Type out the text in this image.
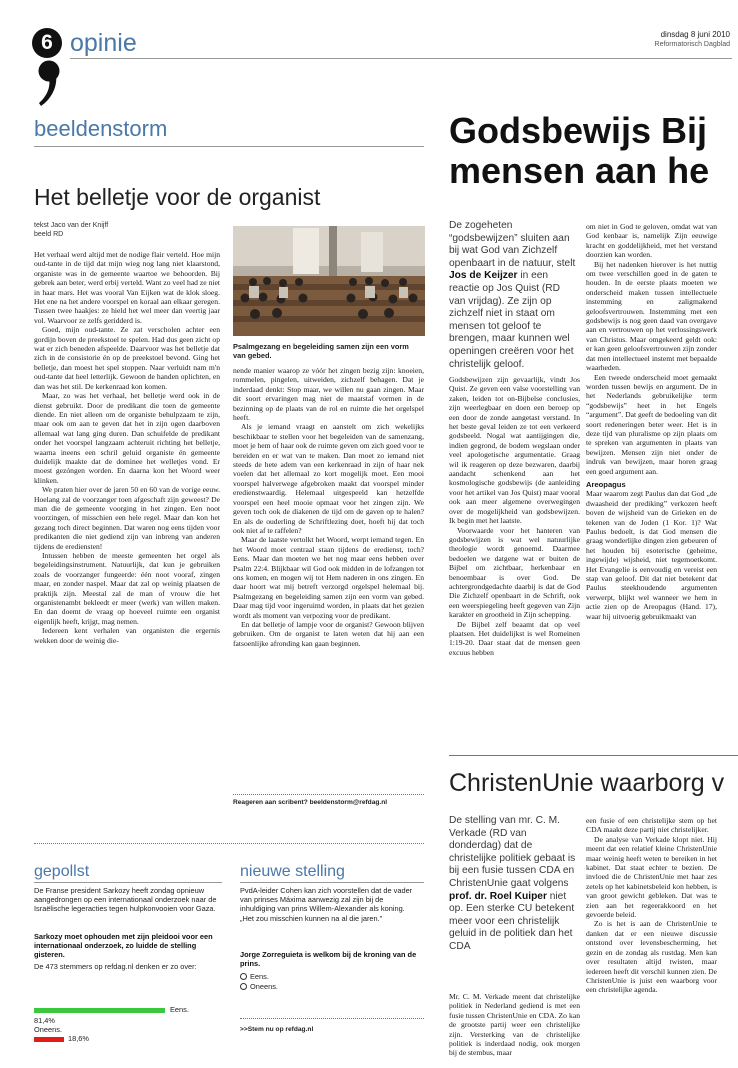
6 opinie	dinsdag 8 juni 2010
Reformatorisch Dagblad
beeldenstorm
Het belletje voor de organist
tekst Jaco van der Knijff
beeld RD

Het verhaal werd altijd met de nodige flair verteld. Hoe mijn oud-tante in de tijd dat mijn wieg nog lang niet klaarstond, organiste was in de gemeente waartoe we behoorden. Bij gebrek aan beter, werd erbij verteld. Want zo veel had ze niet in haar mars. Het was vooral Van Eijken wat de klok sloeg. Het ene na het andere voorspel en koraal aan elkaar geregen. Tussen twee haakjes: ze hield het wel meer dan veertig jaar vol. Waarvoor ze zelfs geridderd is.

Goed, mijn oud-tante. Ze zat verscholen achter een gordijn boven de preekstoel te spelen. Had dus geen zicht op wat er zich beneden afspeelde. Daarvoor was het belletje dat zich in de consistorie én op de preekstoel bevond. Ging het belletje, dan moest het spel stoppen. Naar verluidt nam m'n oud-tante dat heel letterlijk. Gewoon de handen oplichten, en dan was het stil. De kerkenraad kon komen.

Maar, zo was het verhaal, het belletje werd ook in de dienst gebruikt. Door de predikant die toen de gemeente diende. En niet alleen om de organiste behulpzaam te zijn, maar ook om aan te geven dat het in zijn ogen daarboven allemaal wat lang ging duren. Dan schuifelde de predikant onder het voorspel langzaam achteruit richting het belletje, waarna ineens een schril geluid organiste én gemeente duidelijk maakte dat de dominee het welletjes vond. Er moest gezóngen worden. En daarna kon het Woord weer klinken.

We praten hier over de jaren 50 en 60 van de vorige eeuw. Hoelang zal de voorzanger toen afgeschaft zijn geweest? De man die de gemeente voorging in het zingen. Een noot voorzingen, of misschien een hele regel. Maar dan kon het gezang toch direct beginnen. Dat waren nog eens tijden voor predikanten die niet gediend zijn van inbreng van anderen tijdens de erediensten!

Intussen hebben de meeste gemeenten het orgel als begeleidingsinstrument. Natuurlijk, dat kun je gebruiken zoals de voorzanger fungeerde: één noot vooraf, zingen maar, en zonder naspel. Maar dat zal op weinig plaatsen de praktijk zijn. Meestal zal de man of vrouw die het organistenambt bekleedt er meer (werk) van willen maken. En dan doemt de vraag op hoeveel ruimte een organist eigenlijk heeft, krijgt, mag nemen.

Iedereen kent verhalen van organisten die ergernis wekken door de weinig die-

Psalmgezang en begeleiding samen zijn een vorm van gebed.

nende manier waarop ze vóór het zingen bezig zijn: knoeien, rommelen, pingelen, uitweiden, zichzelf behagen. Dat je inderdaad denkt: Stop maar, we willen nu gaan zingen. Maar dit soort ervaringen mag niet de maatstaf vormen in de bezinning op de plaats van de rol en ruimte die het orgelspel heeft.

Als je iemand vraagt en aanstelt om zich wekelijks beschikbaar te stellen voor het begeleiden van de samenzang, moet je hem of haar ook de ruimte geven om zich goed voor te bereiden en er wat van te maken. Dan moet zo iemand niet steeds de hete adem van een kerkenraad in zijn of haar nek voelen dat het allemaal zo kort mogelijk moet. Een mooi voorspel halverwege afgebroken maakt dat voorspel minder eredienstwaardig. Helemaal uitgespeeld kan hetzelfde voorspel een heel mooie opmaat voor het zingen zijn. We geven toch ook de diakenen de tijd om de gaven op te halen? En als de ouderling de Schriftlezing doet, hoeft hij dat toch ook niet af te raffelen?

Maar de laatste vertolkt het Woord, werpt iemand tegen. En het Woord moet centraal staan tijdens de eredienst, toch? Eens. Maar dan moeten we het nog maar eens hebben over Psalm 22:4. Blijkbaar wil God ook midden in de lofzangen tot ons komen, en mogen wij tot Hem naderen in ons zingen. En daar hoort wat mij betreft verzorgd orgelspel helemaal bij. Psalmgezang en begeleiding samen zijn een vorm van gebed. Daar mag tijd voor ingeruimd worden, in plaats dat het gezien wordt als moment van verpozing voor de predikant.

En dat belletje of lampje voor de organist? Gewoon blijven gebruiken. Om de organist te laten weten dat hij aan een fatsoenlijke afronding kan gaan beginnen.

Reageren aan scribent? beeldenstorm@refdag.nl
gepollst
De Franse president Sarkozy heeft zondag opnieuw aangedrongen op een internationaal onderzoek naar de Israëlische legeracties tegen hulpkonvooien voor Gaza.
Sarkozy moet ophouden met zijn pleidooi voor een internationaal onderzoek, zo luidde de stelling gisteren.
De 473 stemmers op refdag.nl denken er zo over:
Eens.
81,4%
Oneens.
18,6%
nieuwe stelling
PvdA-leider Cohen kan zich voorstellen dat de vader van prinses Máxima aanwezig zal zijn bij de inhuldiging van prins Willem-Alexander als koning. „Het zou misschien kunnen na al die jaren.”
Jorge Zorreguieta is welkom bij de kroning van de prins.
Eens.
Oneens.
>>Stem nu op refdag.nl
Godsbewijs Bij
mensen aan he
De zogeheten “godsbewijzen” sluiten aan bij wat God van Zichzelf openbaart in de natuur, stelt Jos de Keijzer in een reactie op Jos Quist (RD van vrijdag). Ze zijn op zichzelf niet in staat om mensen tot geloof te brengen, maar kunnen wel openingen creëren voor het christelijk geloof.

Godsbewijzen zijn gevaarlijk, vindt Jos Quist. Ze geven een valse voorstelling van zaken, leiden tot on-Bijbelse conclusies, zijn weerlegbaar en doen een beroep op een door de zonde aangetast verstand. In het beste geval leiden ze tot een verkeerd godsbeeld. Nogal wat aantijgingen die, indien gegrond, de bodem wegslaan onder veel apologetische argumentatie. Graag wil ik reageren op deze bezwaren, daarbij aandacht schenkend aan het kosmologische godsbewijs (de aanleiding voor het artikel van Jos Quist) maar vooral ook aan meer algemene overwegingen over de mogelijkheid van godsbewijzen. Ik begin met het laatste.

Voorwaarde voor het hanteren van godsbewijzen is wat wel natuurlijke theologie wordt genoemd. Daarmee bedoelen we datgene wat er buiten de Bijbel om zichtbaar, herkenbaar en benoembaar is over God. De achtergrondgedachte daarbij is dat de God Die Zichzelf openbaart in de Schrift, ook een weerspiegeling heeft gegeven van Zijn karakter en grootheid in Zijn schepping.

De Bijbel zelf beaamt dat op veel plaatsen. Het duidelijkst is wel Romeinen 1:19-20. Daar staat dat de mensen geen excuus hebben

om niet in God te geloven, omdat wat van God kenbaar is, namelijk Zijn eeuwige kracht en goddelijkheid, met het verstand doorzien kan worden.

Bij het nadenken hierover is het nuttig om twee verschillen goed in de gaten te houden. In de eerste plaats moeten we onderscheid maken tussen intellectuele instemming en zaligmakend geloofsvertrouwen. Instemming met een godsbewijs is nog geen daad van overgave aan en vertrouwen op het verlossingswerk van Christus. Maar omgekeerd geldt ook: er kan geen geloofsvertrouwen zijn zonder dat men intellectueel instemt met bepaalde waarheden.

Een tweede onderscheid moet gemaakt worden tussen bewijs en argument. De in het Nederlands gebruikelijke term “godsbewijs” heet in het Engels “argument”. Dat geeft de bedoeling van dit soort redeneringen beter weer. Het is in deze tijd van pluralisme op zijn plaats om te spreken van argumenten in plaats van bewijzen. Mensen zijn niet onder de indruk van bewijzen, maar horen graag een goed argument aan.

Areopagus

Maar waarom zegt Paulus dan dat God „de dwaasheid der prediking” verkozen heeft boven de wijsheid van de Grieken en de tekenen van de Joden (1 Kor. 1)? Wat Paulus bedoelt, is dat God mensen die graag wonderlijke dingen zien gebeuren of het houden bij esoterische (geheime, ingewijde) wijsheid, niet tegemoetkomt. Het Evangelie is eenvoudig en vereist een stap van geloof. Dit dat niet betekent dat Paulus steekhoudende argumenten verwerpt, blijkt wel wanneer we hem in actie zien op de Areopagus (Hand. 17), waar hij uitvoerig gebruikmaakt van

ChristenUnie waarborg v
De stelling van mr. C. M. Verkade (RD van donderdag) dat de christelijke politiek gebaat is bij een fusie tussen CDA en ChristenUnie gaat volgens prof. dr. Roel Kuiper niet op. Een sterke CU betekent meer voor een christelijk geluid in de politiek dan het CDA

Mr. C. M. Verkade meent dat christelijke politiek in Nederland gediend is met een fusie tussen ChristenUnie en CDA. Zo kan de grootste partij weer een christelijke zijn. Versterking van de christelijke politiek is inderdaad nodig, ook morgen bij de stembus, maar

een fusie of een christelijke stem op het CDA maakt deze partij niet christelijker.

De analyse van Verkade klopt niet. Hij meent dat een relatief kleine ChristenUnie maar weinig heeft weten te bereiken in het kabinet. Dat staat echter te bezien. De invloed die de ChristenUnie met haar zes zetels op het kabinetsbeleid kon hebben, is van groot gewicht gebleken. Dat was te zien aan het regeerakkoord en het gevoerde beleid.

Zo is het is aan de ChristenUnie te danken dat er een nieuwe discussie ontstond over levensbescherming, het gezin en de zondag als rustdag. Men kan over resultaten altijd twisten, maar iedereen heeft dit verschil kunnen zien. De ChristenUnie is juist een waarborg voor een christelijke agenda.
